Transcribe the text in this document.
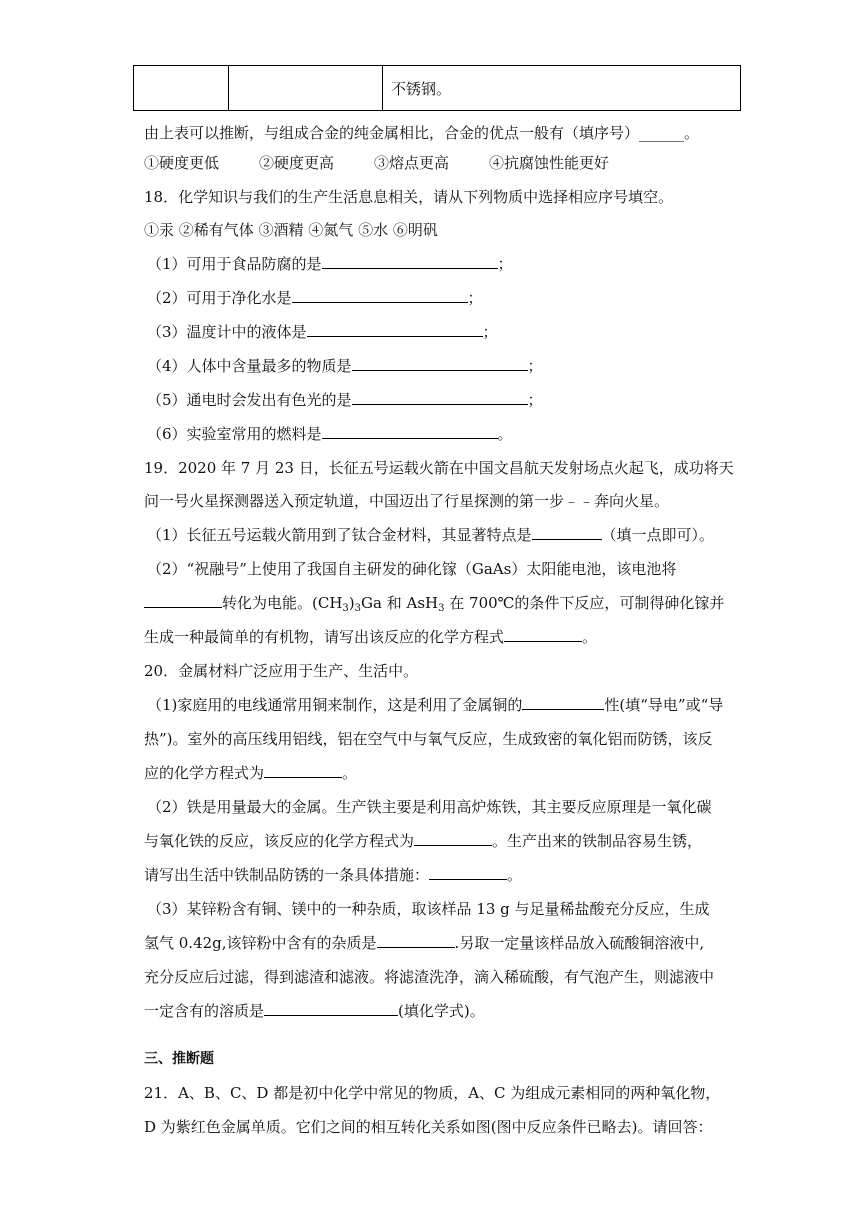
		不锈钢。
由上表可以推断，与组成合金的纯金属相比，合金的优点一般有（填序号）______。
①硬度更低	②硬度更高	③熔点更高	④抗腐蚀性能更好
18．化学知识与我们的生产生活息息相关，请从下列物质中选择相应序号填空。
①汞 ②稀有气体 ③酒精 ④氮气 ⑤水 ⑥明矾
（1）可用于食品防腐的是	；
（2）可用于净化水是	；
（3）温度计中的液体是	；
（4）人体中含量最多的物质是	；
（5）通电时会发出有色光的是	；
（6）实验室常用的燃料是	。
19．2020 年 7 月 23 日，长征五号运载火箭在中国文昌航天发射场点火起飞，成功将天
问一号火星探测器送入预定轨道，中国迈出了行星探测的第一步﹣﹣奔向火星。
（1）长征五号运载火箭用到了钛合金材料，其显著特点是	（填一点即可）。
（2）“祝融号”上使用了我国自主研发的砷化镓（GaAs）太阳能电池，该电池将
转化为电能。$(CH_3)_3Ga$ 和 AsH$_3$ 在 700℃的条件下反应，可制得砷化镓并
生成一种最简单的有机物，请写出该反应的化学方程式	。
20．金属材料广泛应用于生产、生活中。
（1)家庭用的电线通常用铜来制作，这是利用了金属铜的	性(填“导电”或“导
热”)。室外的高压线用铝线，铝在空气中与氧气反应，生成致密的氧化铝而防锈，该反
应的化学方程式为	。
（2）铁是用量最大的金属。生产铁主要是利用高炉炼铁，其主要反应原理是一氧化碳
与氧化铁的反应，该反应的化学方程式为	。生产出来的铁制品容易生锈，
请写出生活中铁制品防锈的一条具体措施：	。
（3）某锌粉含有铜、镁中的一种杂质，取该样品 13 g 与足量稀盐酸充分反应，生成
氢气 0.42g,该锌粉中含有的杂质是	.另取一定量该样品放入硫酸铜溶液中,
充分反应后过滤，得到滤渣和滤液。将滤渣洗净，滴入稀硫酸，有气泡产生，则滤液中
一定含有的溶质是	(填化学式)。
三、推断题
21．A、B、C、D 都是初中化学中常见的物质，A、C 为组成元素相同的两种氧化物，
D 为紫红色金属单质。它们之间的相互转化关系如图(图中反应条件已略去)。请回答：
